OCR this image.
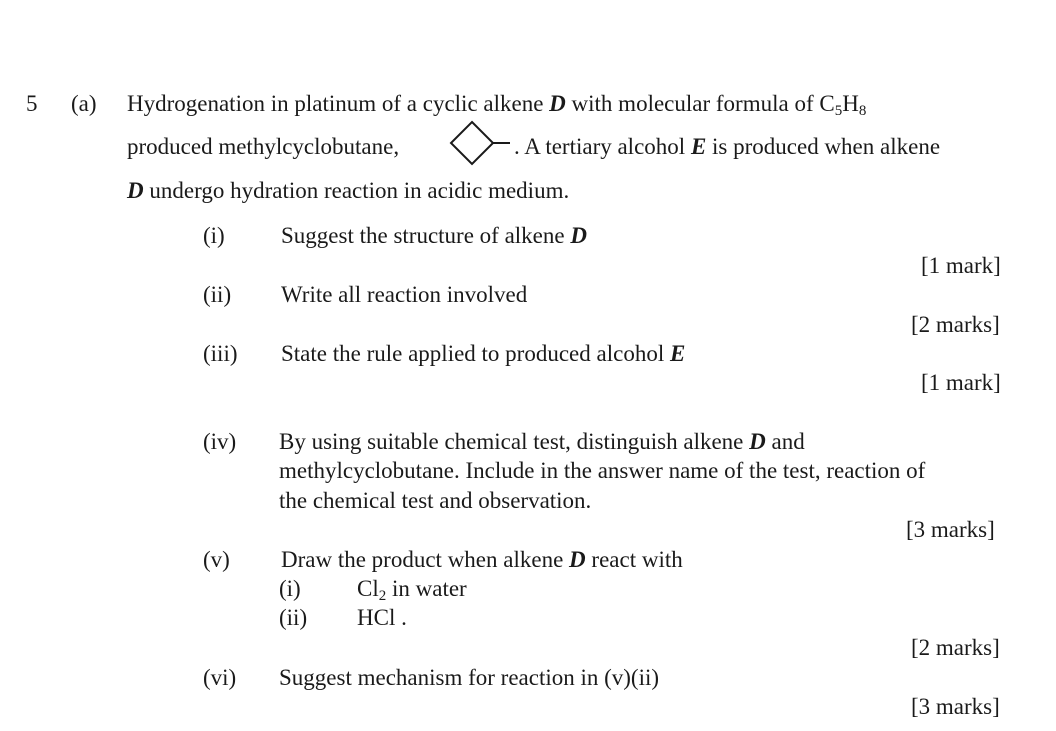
5 (a) Hydrogenation in platinum of a cyclic alkene D with molecular formula of $C_5H_8$
produced methylcyclobutane,	. A tertiary alcohol E is produced when alkene
D undergo hydration reaction in acidic medium.
(i) Suggest the structure of alkene D
[1 mark]
(ii) Write all reaction involved
[2 marks]
(iii) State the rule applied to produced alcohol E
[1 mark]
(iv) By using suitable chemical test, distinguish alkene D and
methylcyclobutane. Include in the answer name of the test, reaction of
the chemical test and observation.
[3 marks]
(v) Draw the product when alkene D react with
(i) $Cl_2$ in water
(ii) HCl .
[2 marks]
(vi) Suggest mechanism for reaction in (v)(ii)
[3 marks]
